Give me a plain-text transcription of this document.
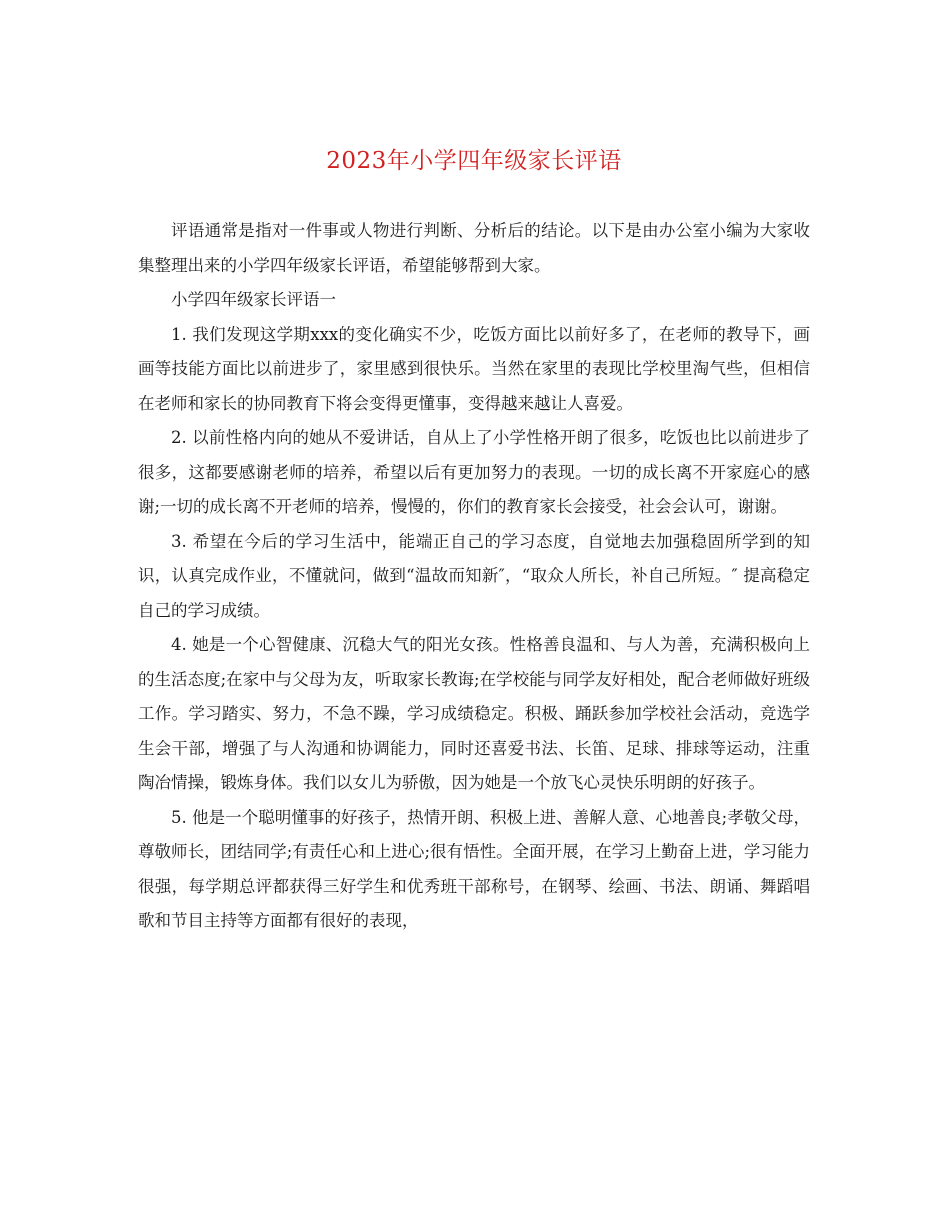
2023年小学四年级家长评语

评语通常是指对一件事或人物进行判断、分析后的结论。以下是由办公室小编为大家收集整理出来的小学四年级家长评语，希望能够帮到大家。

小学四年级家长评语一

1. 我们发现这学期xxx的变化确实不少，吃饭方面比以前好多了，在老师的教导下，画画等技能方面比以前进步了，家里感到很快乐。当然在家里的表现比学校里淘气些，但相信在老师和家长的协同教育下将会变得更懂事，变得越来越让人喜爱。

2. 以前性格内向的她从不爱讲话，自从上了小学性格开朗了很多，吃饭也比以前进步了很多，这都要感谢老师的培养，希望以后有更加努力的表现。一切的成长离不开家庭心的感谢;一切的成长离不开老师的培养，慢慢的，你们的教育家长会接受，社会会认可，谢谢。

3. 希望在今后的学习生活中，能端正自己的学习态度，自觉地去加强稳固所学到的知识，认真完成作业，不懂就问，做到“温故而知新″，“取众人所长，补自己所短。″ 提高稳定自己的学习成绩。

4. 她是一个心智健康、沉稳大气的阳光女孩。性格善良温和、与人为善，充满积极向上的生活态度;在家中与父母为友，听取家长教诲;在学校能与同学友好相处，配合老师做好班级工作。学习踏实、努力，不急不躁，学习成绩稳定。积极、踊跃参加学校社会活动，竞选学生会干部，增强了与人沟通和协调能力，同时还喜爱书法、长笛、足球、排球等运动，注重陶冶情操，锻炼身体。我们以女儿为骄傲，因为她是一个放飞心灵快乐明朗的好孩子。

5. 他是一个聪明懂事的好孩子，热情开朗、积极上进、善解人意、心地善良;孝敬父母，尊敬师长，团结同学;有责任心和上进心;很有悟性。全面开展，在学习上勤奋上进，学习能力很强，每学期总评都获得三好学生和优秀班干部称号，在钢琴、绘画、书法、朗诵、舞蹈唱歌和节目主持等方面都有很好的表现，
